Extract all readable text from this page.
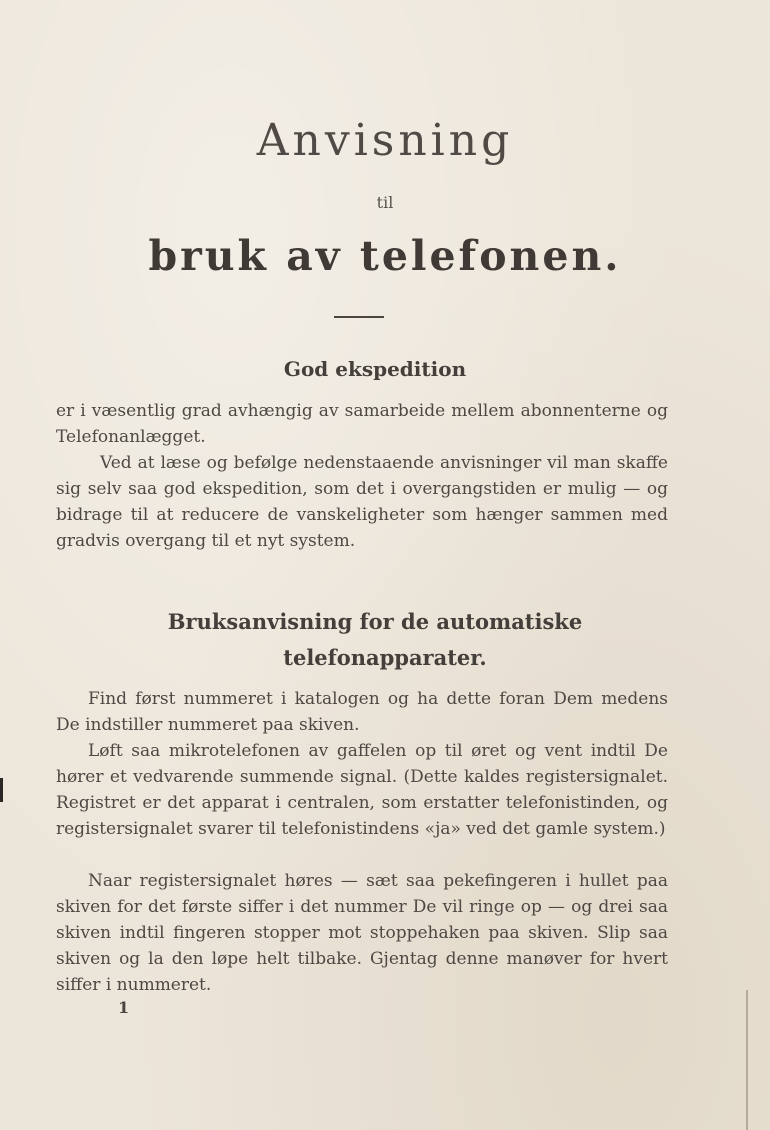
Anvisning
til
bruk av telefonen.
God ekspedition

er i væsentlig grad avhængig av samarbeide mellem abonnenterne og Telefonanlægget.

Ved at læse og befølge nedenstaaende anvisninger vil man skaffe sig selv saa god ekspedition, som det i overgangstiden er mulig — og bidrage til at reducere de vanskeligheter som hænger sammen med gradvis overgang til et nyt system.

Bruksanvisning for de automatiske
telefonapparater.

Find først nummeret i katalogen og ha dette foran Dem medens De indstiller nummeret paa skiven.

Løft saa mikrotelefonen av gaffelen op til øret og vent indtil De hører et vedvarende summende signal. (Dette kaldes registersignalet. Registret er det apparat i centralen, som erstatter telefonistinden, og registersignalet svarer til telefonistindens «ja» ved det gamle system.)

Naar registersignalet høres — sæt saa pekefingeren i hullet paa skiven for det første siffer i det nummer De vil ringe op — og drei saa skiven indtil fingeren stopper mot stoppehaken paa skiven. Slip saa skiven og la den løpe helt tilbake. Gjentag denne manøver for hvert siffer i nummeret.

1
